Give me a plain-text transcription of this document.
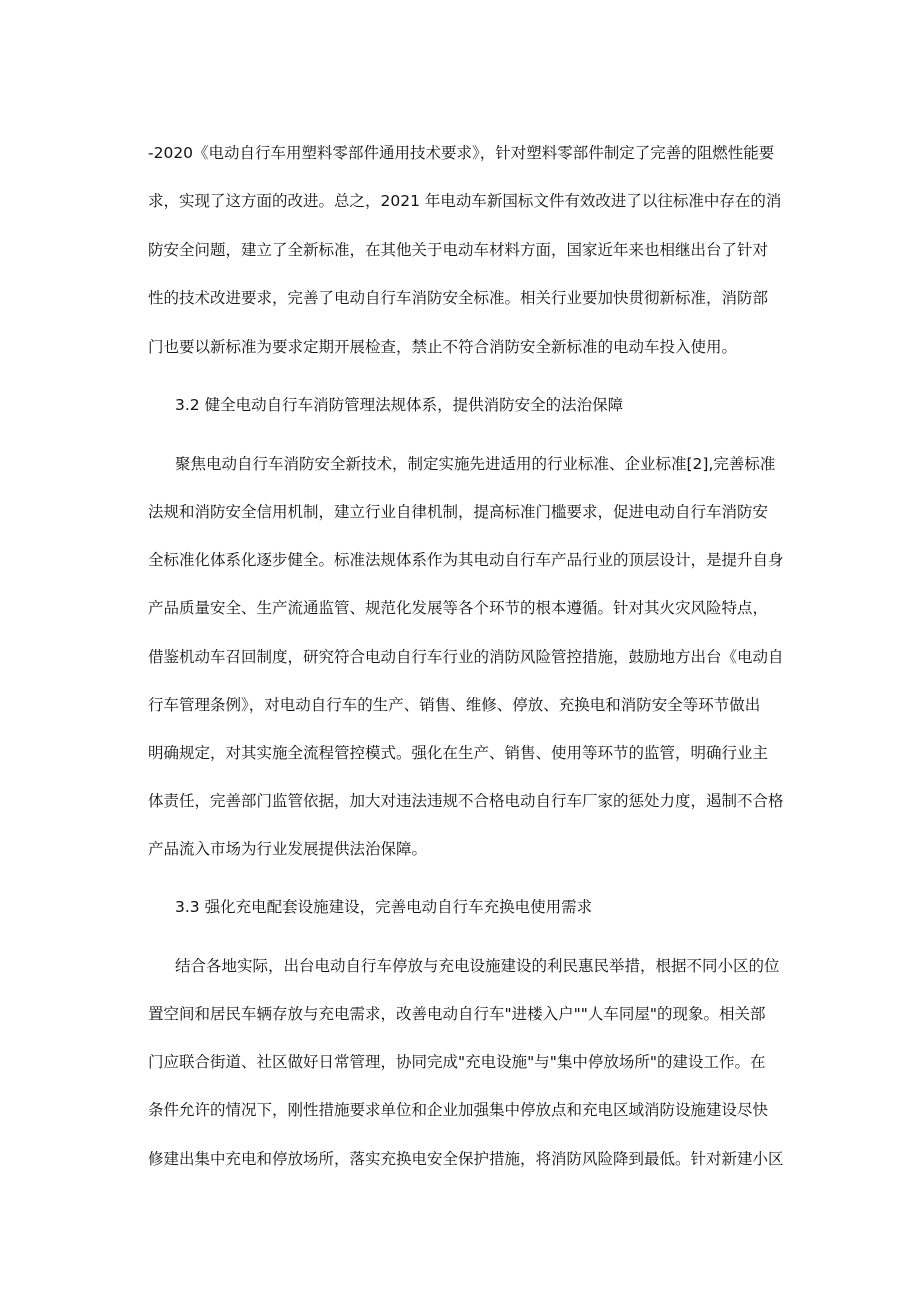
-2020《电动自行车用塑料零部件通用技术要求》，针对塑料零部件制定了完善的阻燃性能要
求，实现了这方面的改进。总之，2021 年电动车新国标文件有效改进了以往标准中存在的消
防安全问题，建立了全新标准，在其他关于电动车材料方面，国家近年来也相继出台了针对
性的技术改进要求，完善了电动自行车消防安全标准。相关行业要加快贯彻新标准，消防部
门也要以新标准为要求定期开展检查，禁止不符合消防安全新标准的电动车投入使用。
3.2 健全电动自行车消防管理法规体系，提供消防安全的法治保障
聚焦电动自行车消防安全新技术，制定实施先进适用的行业标准、企业标准[2],完善标准
法规和消防安全信用机制，建立行业自律机制，提高标准门槛要求，促进电动自行车消防安
全标准化体系化逐步健全。标准法规体系作为其电动自行车产品行业的顶层设计，是提升自身
产品质量安全、生产流通监管、规范化发展等各个环节的根本遵循。针对其火灾风险特点，
借鉴机动车召回制度，研究符合电动自行车行业的消防风险管控措施，鼓励地方出台《电动自
行车管理条例》，对电动自行车的生产、销售、维修、停放、充换电和消防安全等环节做出
明确规定，对其实施全流程管控模式。强化在生产、销售、使用等环节的监管，明确行业主
体责任，完善部门监管依据，加大对违法违规不合格电动自行车厂家的惩处力度，遏制不合格
产品流入市场为行业发展提供法治保障。
3.3 强化充电配套设施建设，完善电动自行车充换电使用需求
结合各地实际，出台电动自行车停放与充电设施建设的利民惠民举措，根据不同小区的位
置空间和居民车辆存放与充电需求，改善电动自行车"进楼入户""人车同屋"的现象。相关部
门应联合街道、社区做好日常管理，协同完成"充电设施"与"集中停放场所"的建设工作。在
条件允许的情况下，刚性措施要求单位和企业加强集中停放点和充电区域消防设施建设尽快
修建出集中充电和停放场所，落实充换电安全保护措施，将消防风险降到最低。针对新建小区
